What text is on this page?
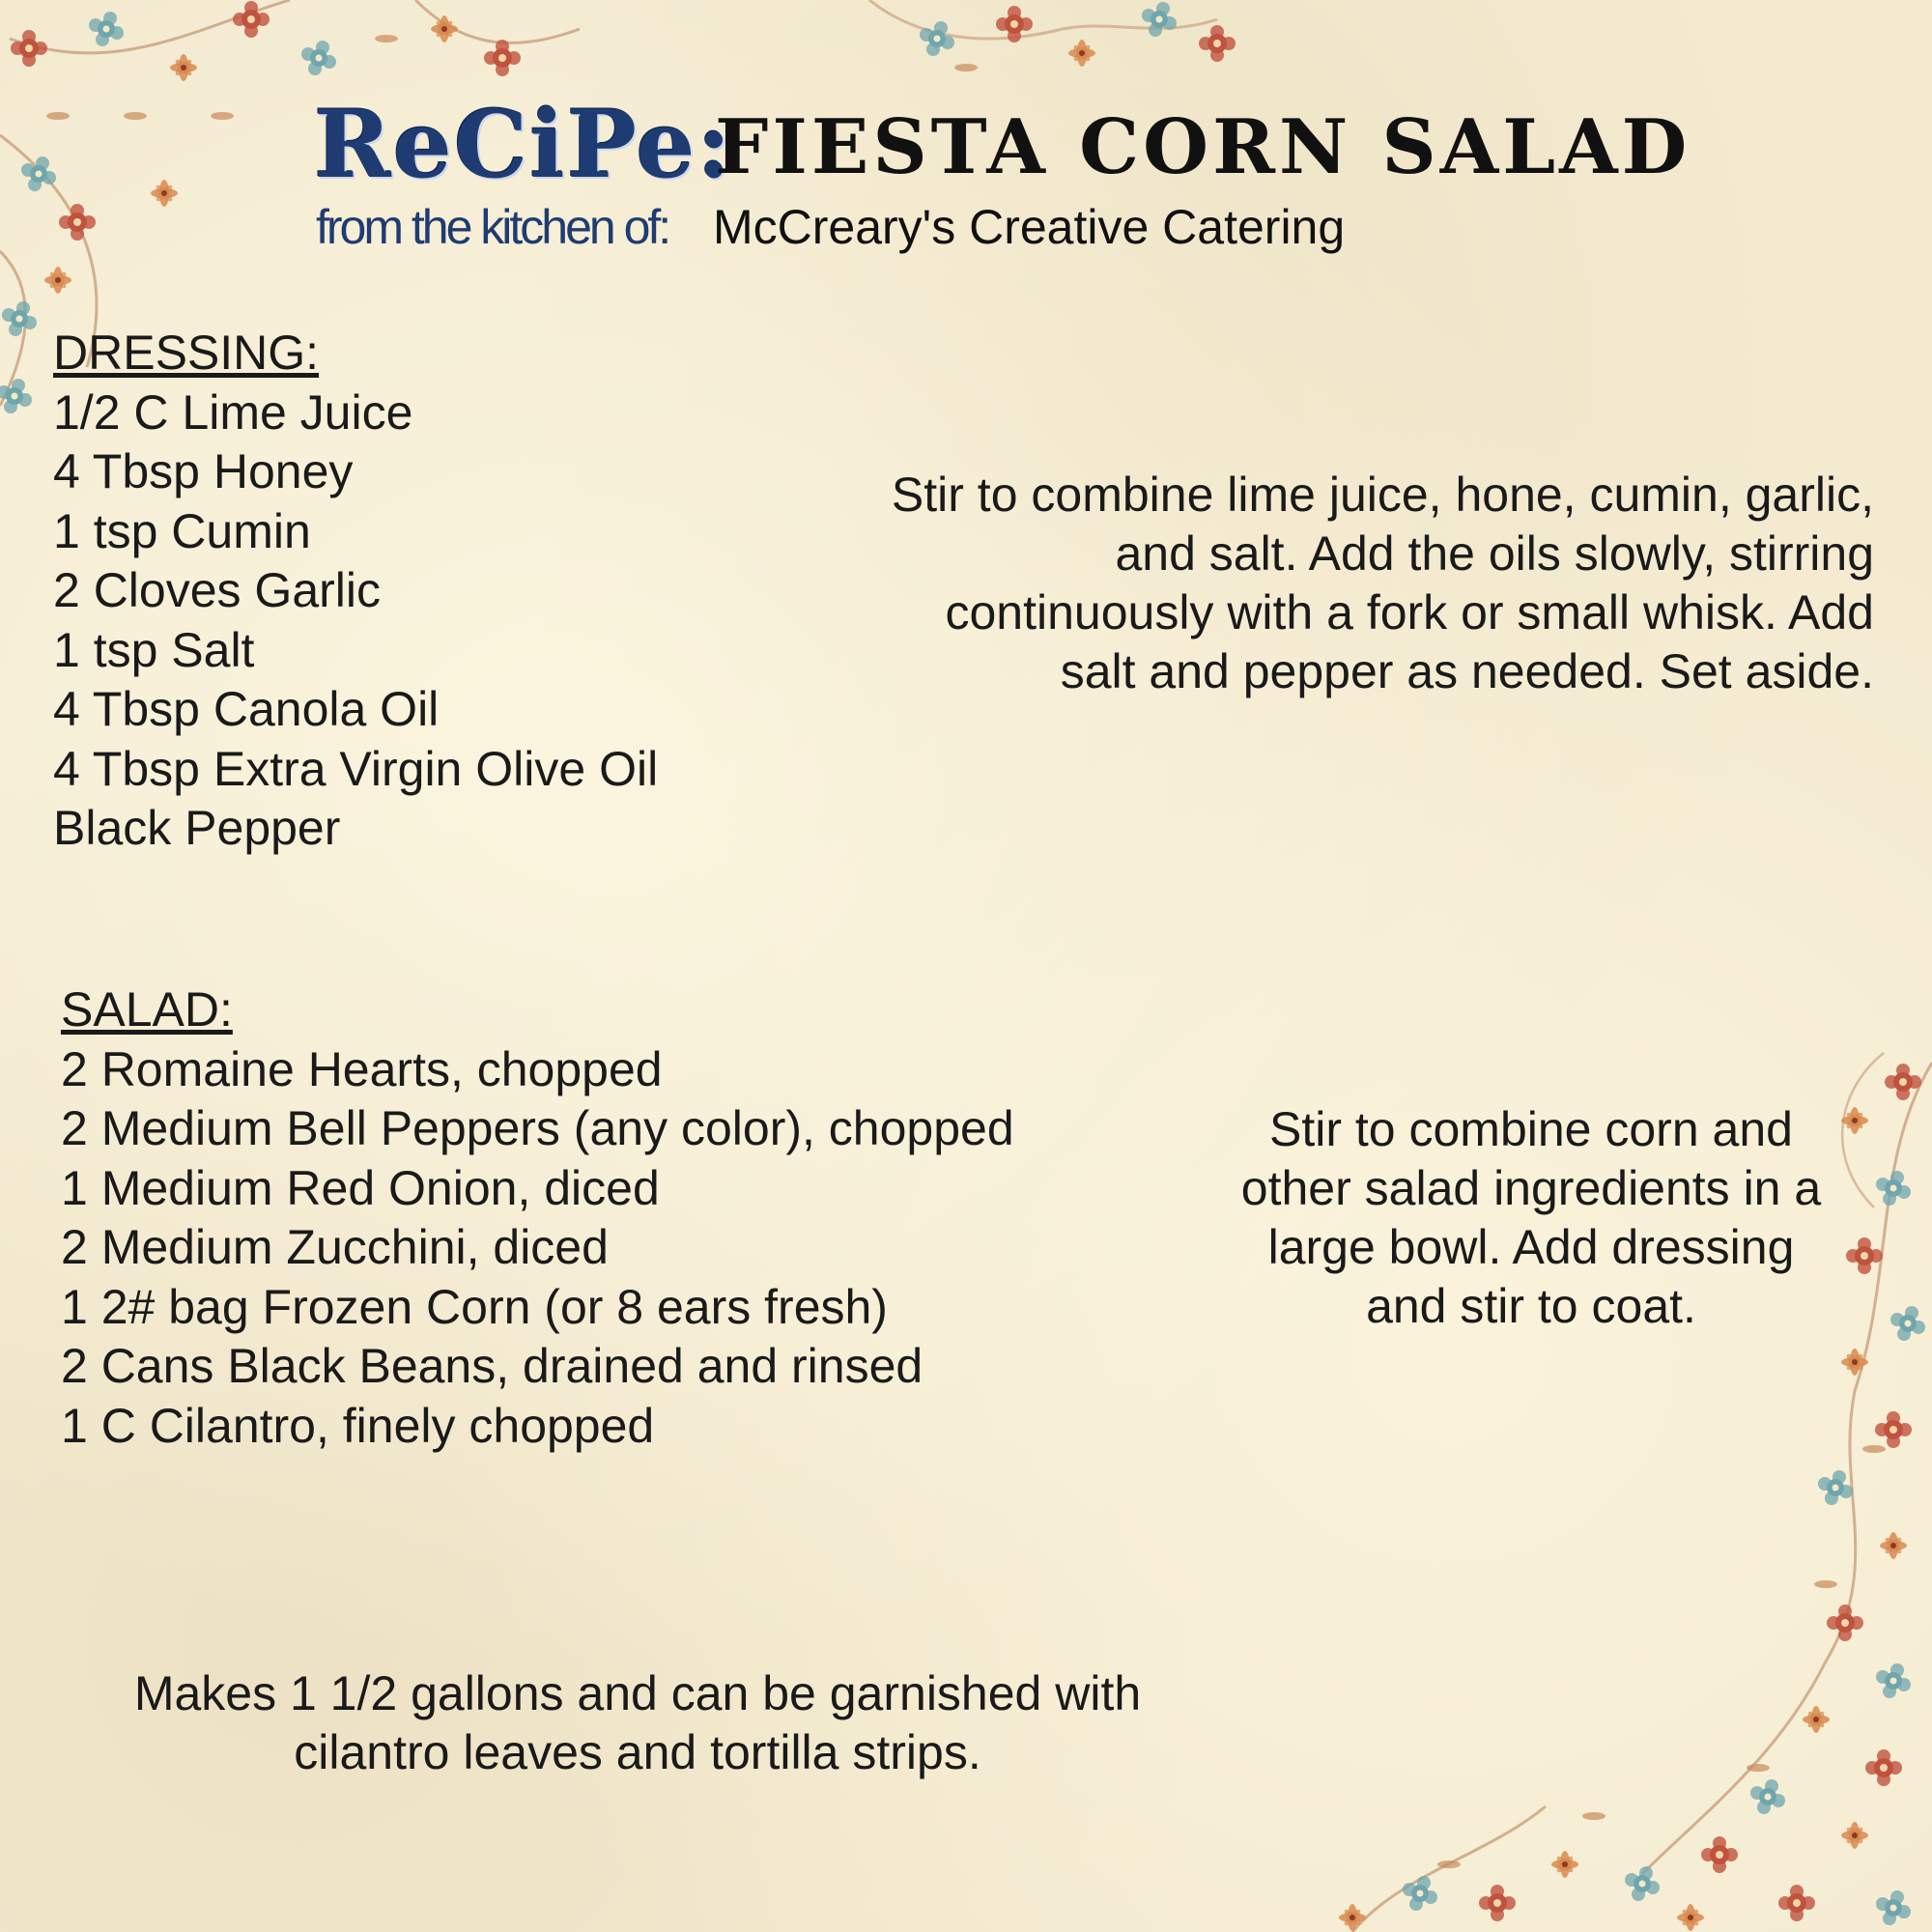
ReCiPe:
FIESTA CORN SALAD
from the kitchen of: McCreary's Creative Catering
DRESSING:
1/2 C Lime Juice
4 Tbsp Honey
1 tsp Cumin
2 Cloves Garlic
1 tsp Salt
4 Tbsp Canola Oil
4 Tbsp Extra Virgin Olive Oil
Black Pepper
Stir to combine lime juice, hone, cumin, garlic,
and salt. Add the oils slowly, stirring
continuously with a fork or small whisk. Add
salt and pepper as needed. Set aside.
SALAD:
2 Romaine Hearts, chopped
2 Medium Bell Peppers (any color), chopped
1 Medium Red Onion, diced
2 Medium Zucchini, diced
1 2# bag Frozen Corn (or 8 ears fresh)
2 Cans Black Beans, drained and rinsed
1 C Cilantro, finely chopped
Stir to combine corn and
other salad ingredients in a
large bowl. Add dressing
and stir to coat.
Makes 1 1/2 gallons and can be garnished with
cilantro leaves and tortilla strips.
